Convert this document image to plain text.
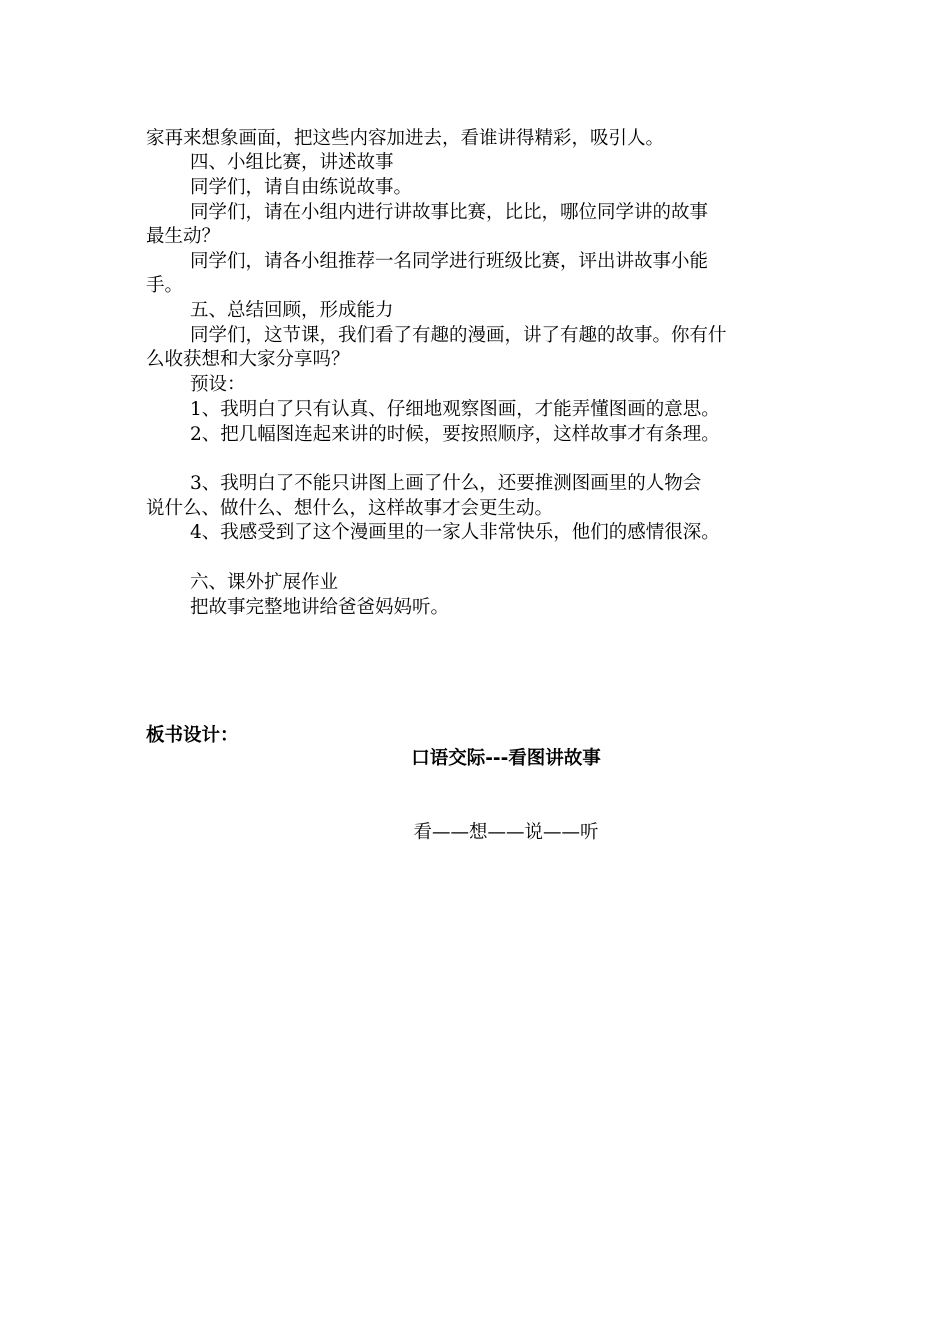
家再来想象画面，把这些内容加进去，看谁讲得精彩，吸引人。
四、小组比赛，讲述故事
同学们，请自由练说故事。
同学们，请在小组内进行讲故事比赛，比比，哪位同学讲的故事
最生动？
同学们，请各小组推荐一名同学进行班级比赛，评出讲故事小能
手。
五、总结回顾，形成能力
同学们，这节课，我们看了有趣的漫画，讲了有趣的故事。你有什
么收获想和大家分享吗？
预设：
1、我明白了只有认真、仔细地观察图画，才能弄懂图画的意思。
2、把几幅图连起来讲的时候，要按照顺序，这样故事才有条理。
3、我明白了不能只讲图上画了什么，还要推测图画里的人物会
说什么、做什么、想什么，这样故事才会更生动。
4、我感受到了这个漫画里的一家人非常快乐，他们的感情很深。
六、课外扩展作业
把故事完整地讲给爸爸妈妈听。
板书设计：
口语交际---看图讲故事
看——想——说——听
